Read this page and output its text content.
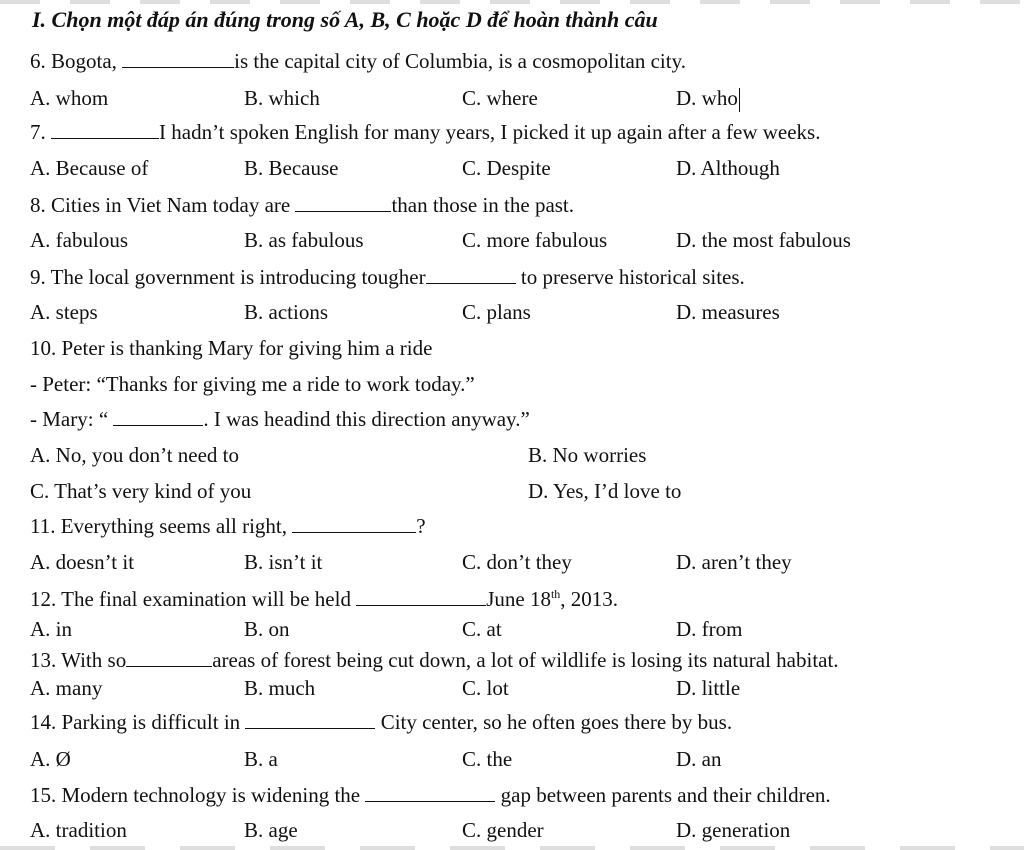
I. Chọn một đáp án đúng trong số A, B, C hoặc D để hoàn thành câu
6. Bogota,	is the capital city of Columbia, is a cosmopolitan city.
A. whom	B. which	C. where	D. who
7.	I hadn’t spoken English for many years, I picked it up again after a few weeks.
A. Because of	B. Because	C. Despite	D. Although
8. Cities in Viet Nam today are	than those in the past.
A. fabulous	B. as fabulous	C. more fabulous	D. the most fabulous
9. The local government is introducing tougher	to preserve historical sites.
A. steps	B. actions	C. plans	D. measures
10. Peter is thanking Mary for giving him a ride
- Peter: “Thanks for giving me a ride to work today.”
- Mary: “	. I was headind this direction anyway.”
A. No, you don’t need to	B. No worries
C. That’s very kind of you	D. Yes, I’d love to
11. Everything seems all right,	?
A. doesn’t it	B. isn’t it	C. don’t they	D. aren’t they
12. The final examination will be held	June 18th, 2013.
A. in	B. on	C. at	D. from
13. With so	areas of forest being cut down, a lot of wildlife is losing its natural habitat.
A. many	B. much	C. lot	D. little
14. Parking is difficult in	City center, so he often goes there by bus.
A. Ø	B. a	C. the	D. an
15. Modern technology is widening the	gap between parents and their children.
A. tradition	B. age	C. gender	D. generation
